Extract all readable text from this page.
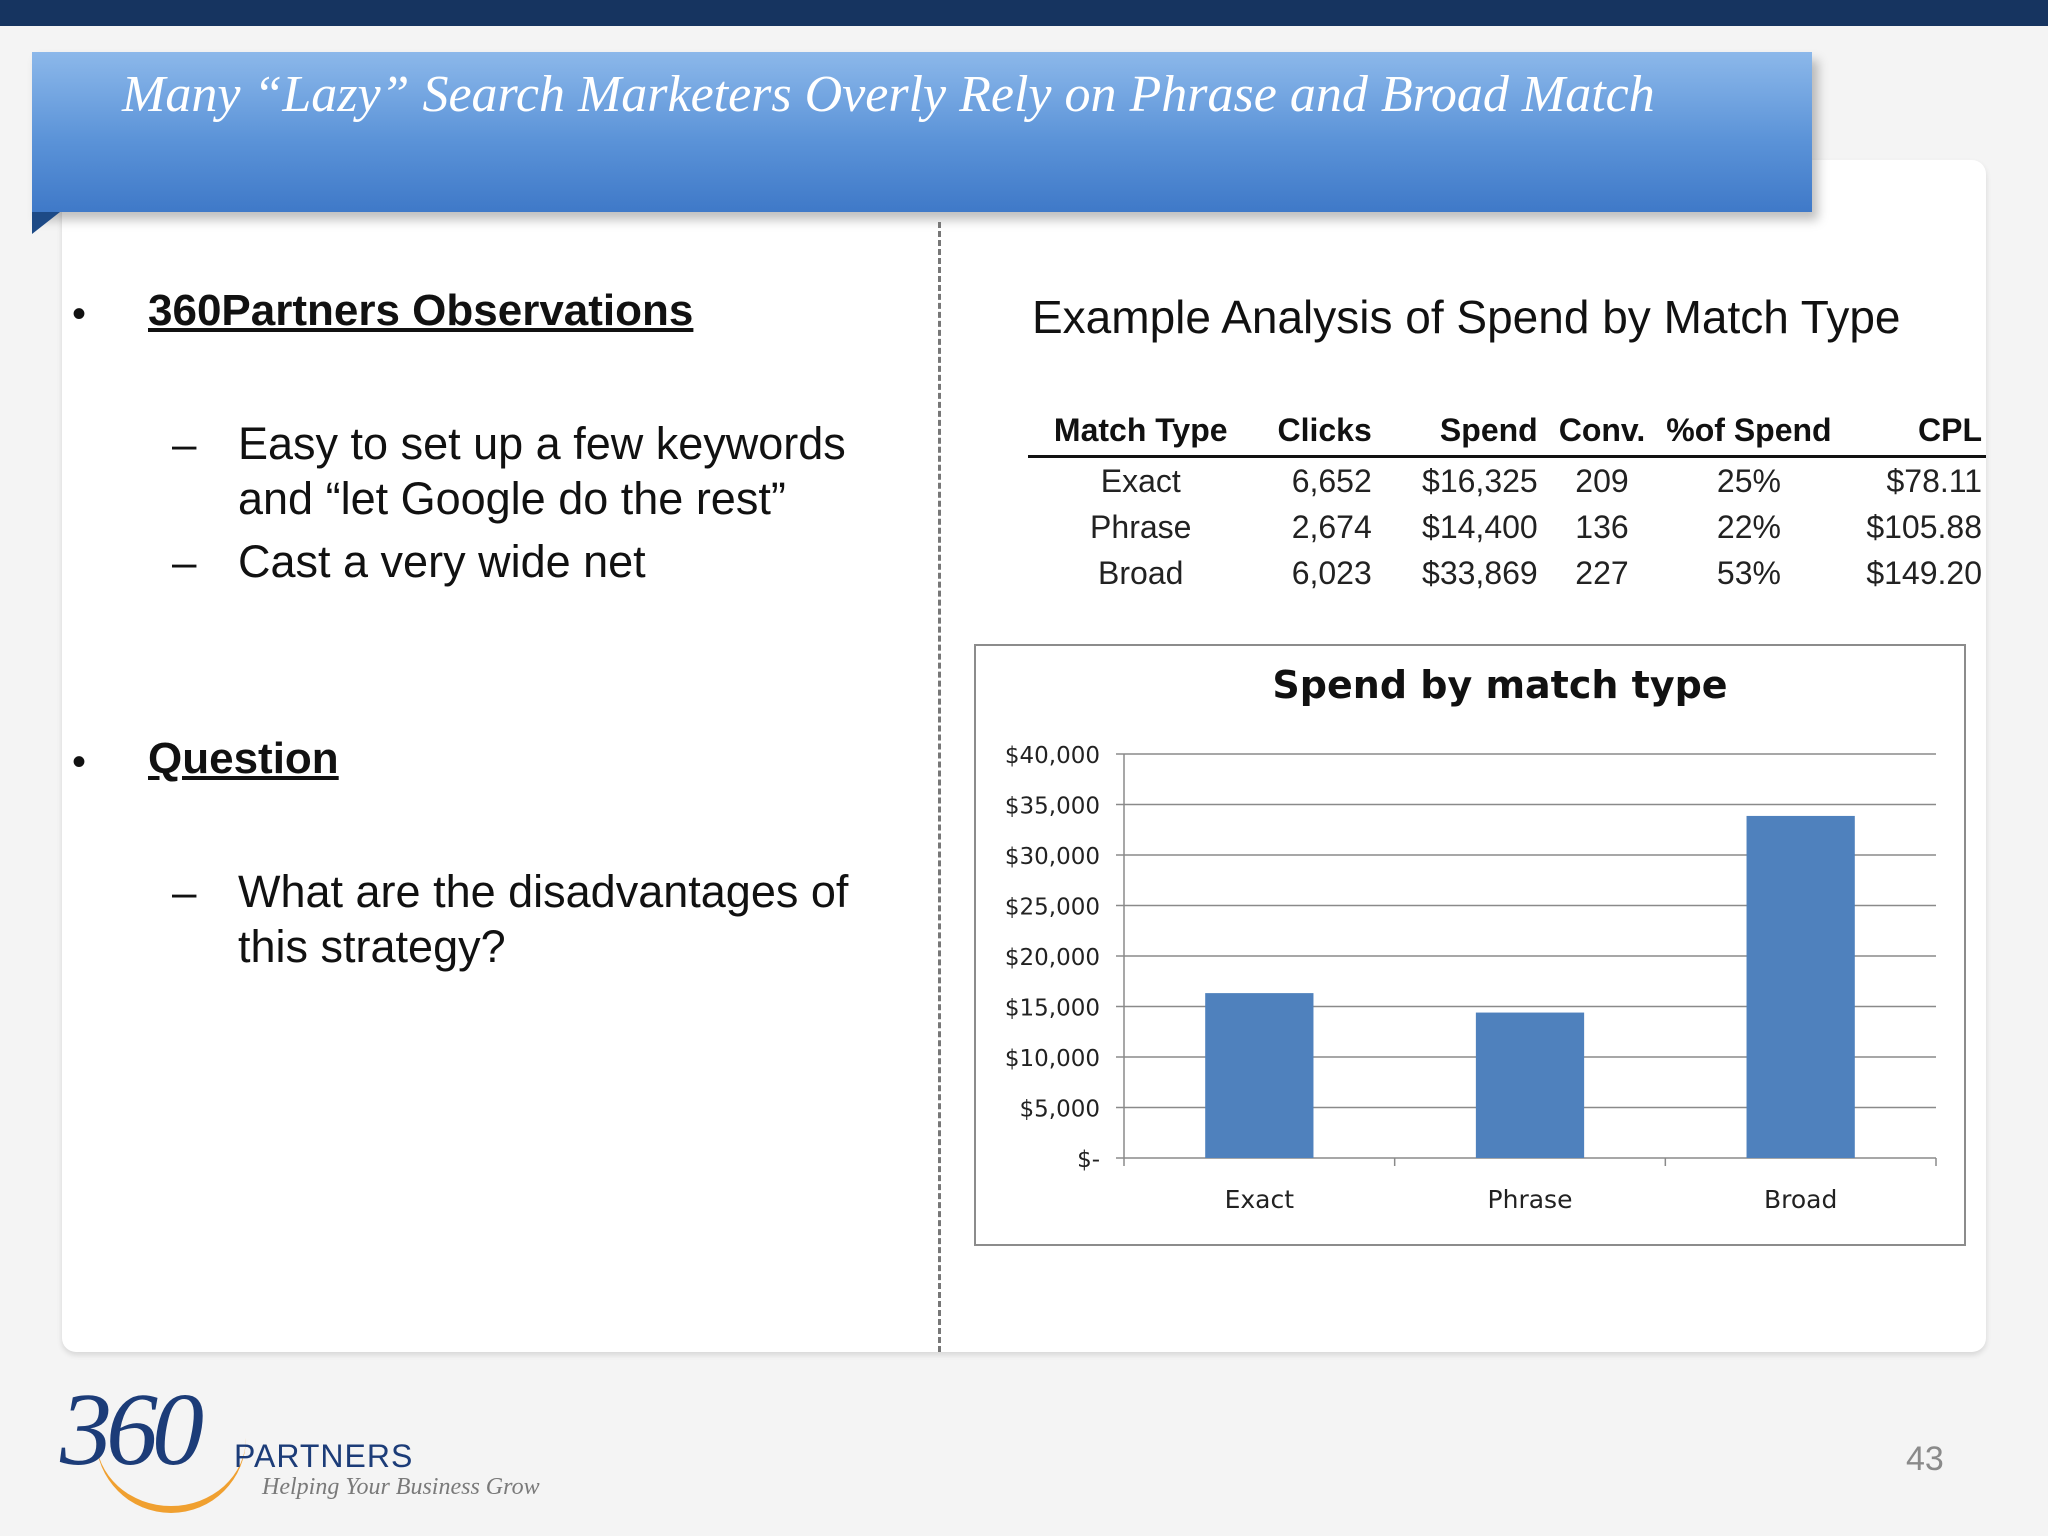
Many “Lazy” Search Marketers Overly Rely on Phrase and Broad Match
• 360Partners Observations
– Easy to set up a few keywords
and “let Google do the rest”
– Cast a very wide net
• Question
– What are the disadvantages of
this strategy?
Example Analysis of Spend by Match Type
Match Type	Clicks	Spend	Conv.	%of Spend	CPL
Exact	6,652	$16,325	209	25%	$78.11
Phrase	2,674	$14,400	136	22%	$105.88
Broad	6,023	$33,869	227	53%	$149.20
Spend by match type
$-
$5,000
$10,000
$15,000
$20,000
$25,000
$30,000
$35,000
$40,000
Exact	Phrase	Broad
360 PARTNERS
Helping Your Business Grow
43
